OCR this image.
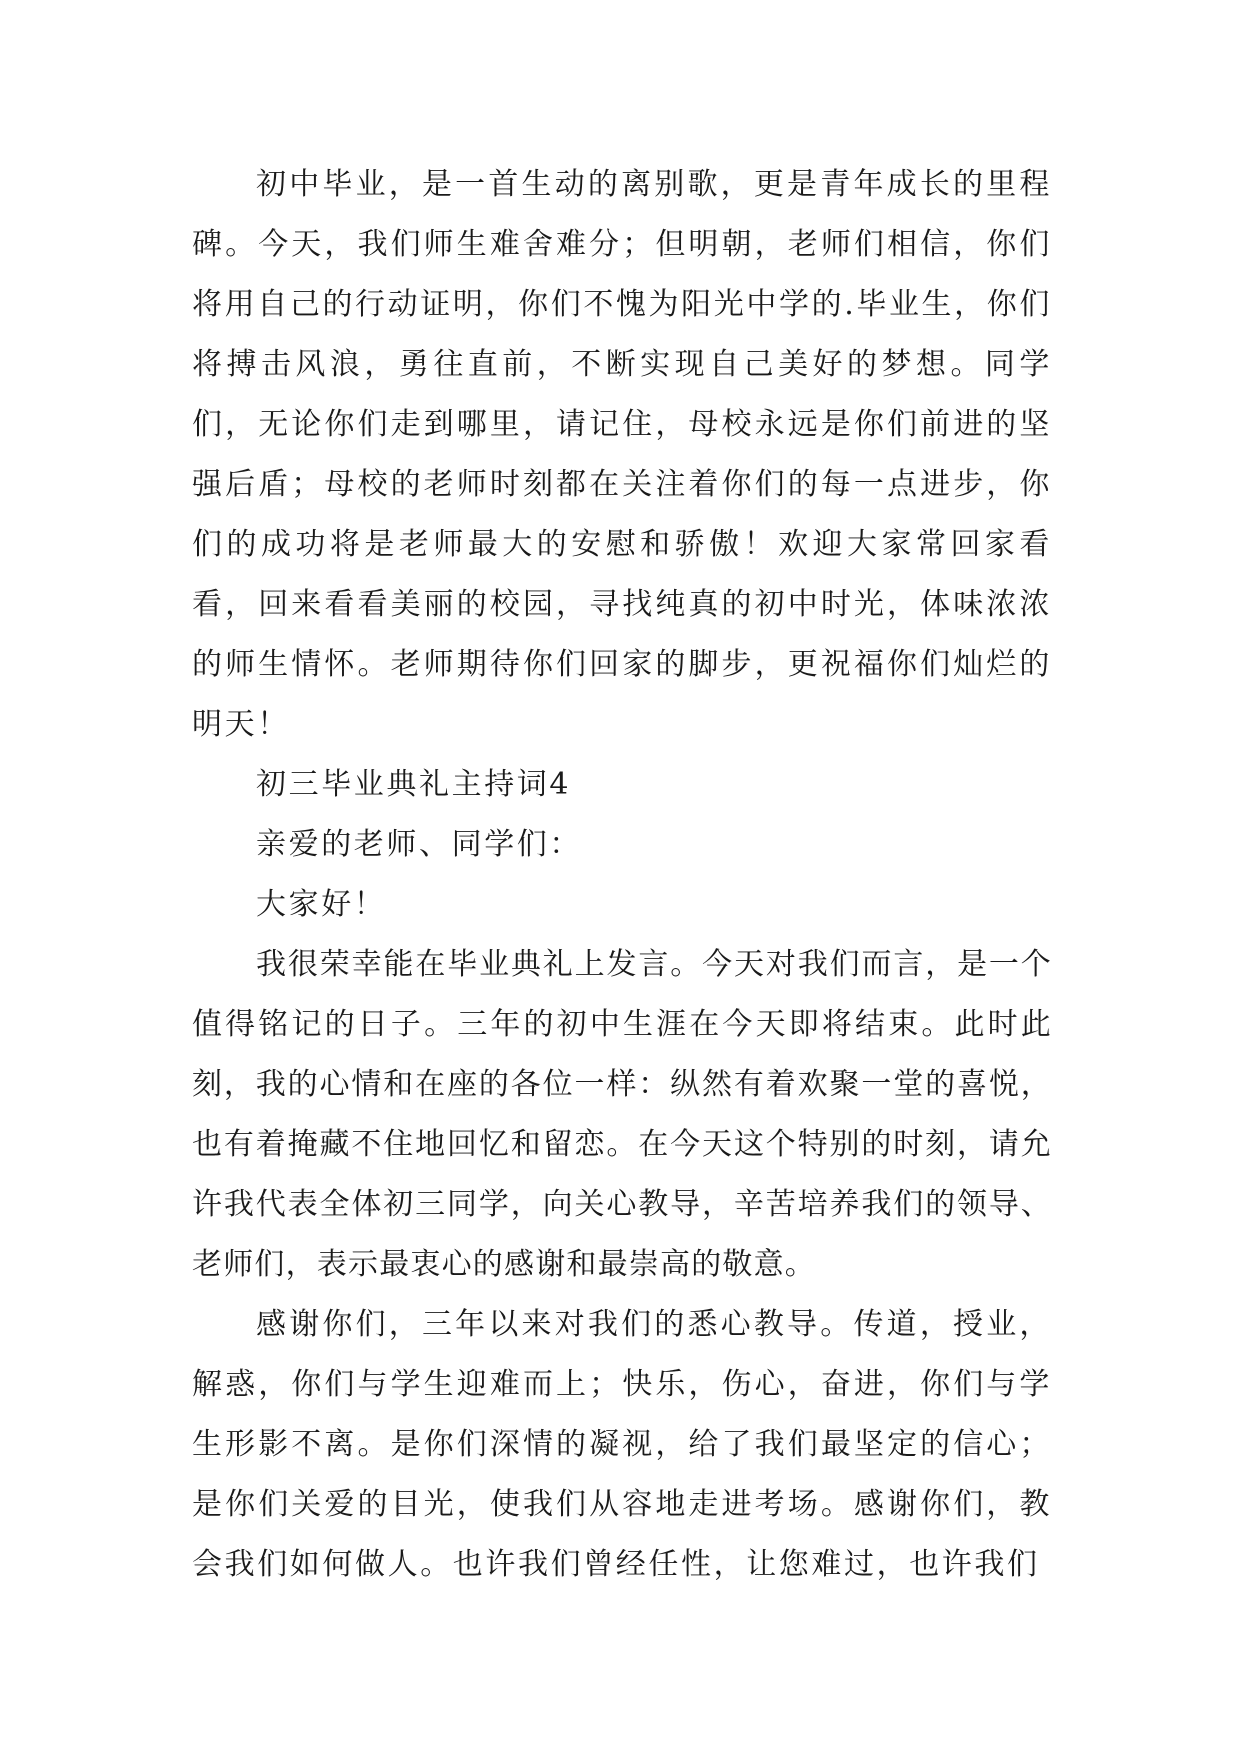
初中毕业，是一首生动的离别歌，更是青年成长的里程碑。今天，我们师生难舍难分；但明朝，老师们相信，你们将用自己的行动证明，你们不愧为阳光中学的.毕业生，你们将搏击风浪，勇往直前，不断实现自己美好的梦想。同学们，无论你们走到哪里，请记住，母校永远是你们前进的坚强后盾；母校的老师时刻都在关注着你们的每一点进步，你们的成功将是老师最大的安慰和骄傲！欢迎大家常回家看看，回来看看美丽的校园，寻找纯真的初中时光，体味浓浓的师生情怀。老师期待你们回家的脚步，更祝福你们灿烂的明天！

初三毕业典礼主持词4

亲爱的老师、同学们：

大家好！

我很荣幸能在毕业典礼上发言。今天对我们而言，是一个值得铭记的日子。三年的初中生涯在今天即将结束。此时此刻，我的心情和在座的各位一样：纵然有着欢聚一堂的喜悦，也有着掩藏不住地回忆和留恋。在今天这个特别的时刻，请允许我代表全体初三同学，向关心教导，辛苦培养我们的领导、老师们，表示最衷心的感谢和最崇高的敬意。

感谢你们，三年以来对我们的悉心教导。传道，授业，解惑，你们与学生迎难而上；快乐，伤心，奋进，你们与学生形影不离。是你们深情的凝视，给了我们最坚定的信心；是你们关爱的目光，使我们从容地走进考场。感谢你们，教会我们如何做人。也许我们曾经任性，让您难过，也许我们
